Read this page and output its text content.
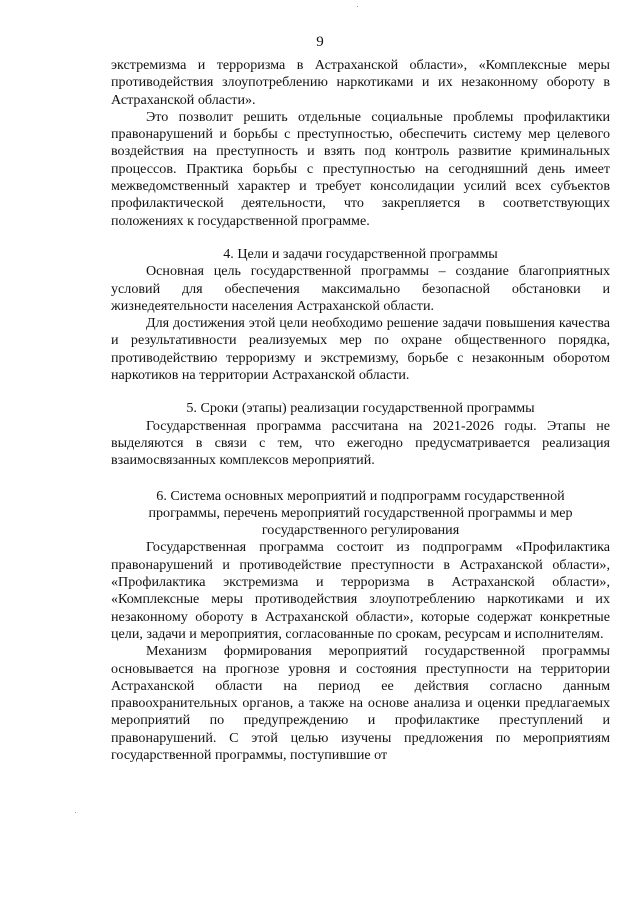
9

экстремизма и терроризма в Астраханской области», «Комплексные меры противодействия злоупотреблению наркотиками и их незаконному обороту в Астраханской области».

Это позволит решить отдельные социальные проблемы профилактики правонарушений и борьбы с преступностью, обеспечить систему мер целевого воздействия на преступность и взять под контроль развитие криминальных процессов. Практика борьбы с преступностью на сегодняшний день имеет межведомственный характер и требует консолидации усилий всех субъектов профилактической деятельности, что закрепляется в соответствующих положениях к государственной программе.

4. Цели и задачи государственной программы

Основная цель государственной программы – создание благоприятных условий для обеспечения максимально безопасной обстановки и жизнедеятельности населения Астраханской области.

Для достижения этой цели необходимо решение задачи повышения качества и результативности реализуемых мер по охране общественного порядка, противодействию терроризму и экстремизму, борьбе с незаконным оборотом наркотиков на территории Астраханской области.

5. Сроки (этапы) реализации государственной программы

Государственная программа рассчитана на 2021-2026 годы. Этапы не выделяются в связи с тем, что ежегодно предусматривается реализация взаимосвязанных комплексов мероприятий.

6. Система основных мероприятий и подпрограмм государственной
программы, перечень мероприятий государственной программы и мер
государственного регулирования

Государственная программа состоит из подпрограмм «Профилактика правонарушений и противодействие преступности в Астраханской области», «Профилактика экстремизма и терроризма в Астраханской области», «Комплексные меры противодействия злоупотреблению наркотиками и их незаконному обороту в Астраханской области», которые содержат конкретные цели, задачи и мероприятия, согласованные по срокам, ресурсам и исполнителям.

Механизм формирования мероприятий государственной программы основывается на прогнозе уровня и состояния преступности на территории Астраханской области на период ее действия согласно данным правоохранительных органов, а также на основе анализа и оценки предлагаемых мероприятий по предупреждению и профилактике преступлений и правонарушений. С этой целью изучены предложения по мероприятиям государственной программы, поступившие от
